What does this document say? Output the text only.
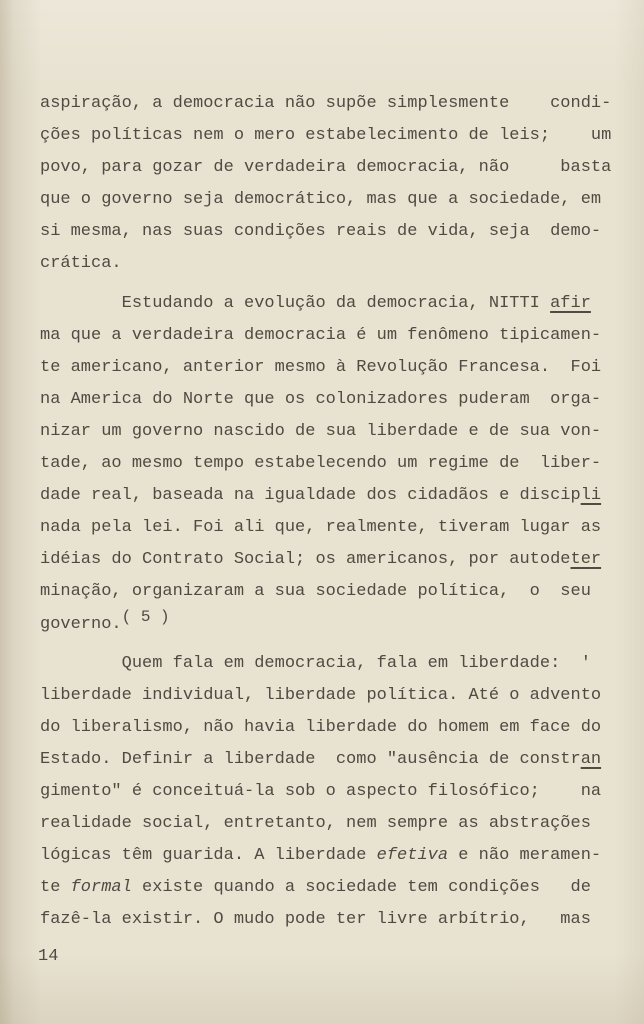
aspiração, a democracia não supõe simplesmente    condi-
ções políticas nem o mero estabelecimento de leis;    um
povo, para gozar de verdadeira democracia, não     basta
que o governo seja democrático, mas que a sociedade, em
si mesma, nas suas condições reais de vida, seja  demo-
crática.
Estudando a evolução da democracia, NITTI afir
ma que a verdadeira democracia é um fenômeno tipicamen-
te americano, anterior mesmo à Revolução Francesa.  Foi
na America do Norte que os colonizadores puderam  orga-
nizar um governo nascido de sua liberdade e de sua von-
tade, ao mesmo tempo estabelecendo um regime de  liber-
dade real, baseada na igualdade dos cidadãos e discipli
nada pela lei. Foi ali que, realmente, tiveram lugar as
idéias do Contrato Social; os americanos, por autodeter
minação, organizaram a sua sociedade política,  o  seu
governo.( 5 )
Quem fala em democracia, fala em liberdade:  '
liberdade individual, liberdade política. Até o advento
do liberalismo, não havia liberdade do homem em face do
Estado. Definir a liberdade  como "ausência de constran
gimento" é conceituá-la sob o aspecto filosófico;    na
realidade social, entretanto, nem sempre as abstrações
lógicas têm guarida. A liberdade efetiva e não meramen-
te formal existe quando a sociedade tem condições   de
fazê-la existir. O mudo pode ter livre arbítrio,   mas
14
